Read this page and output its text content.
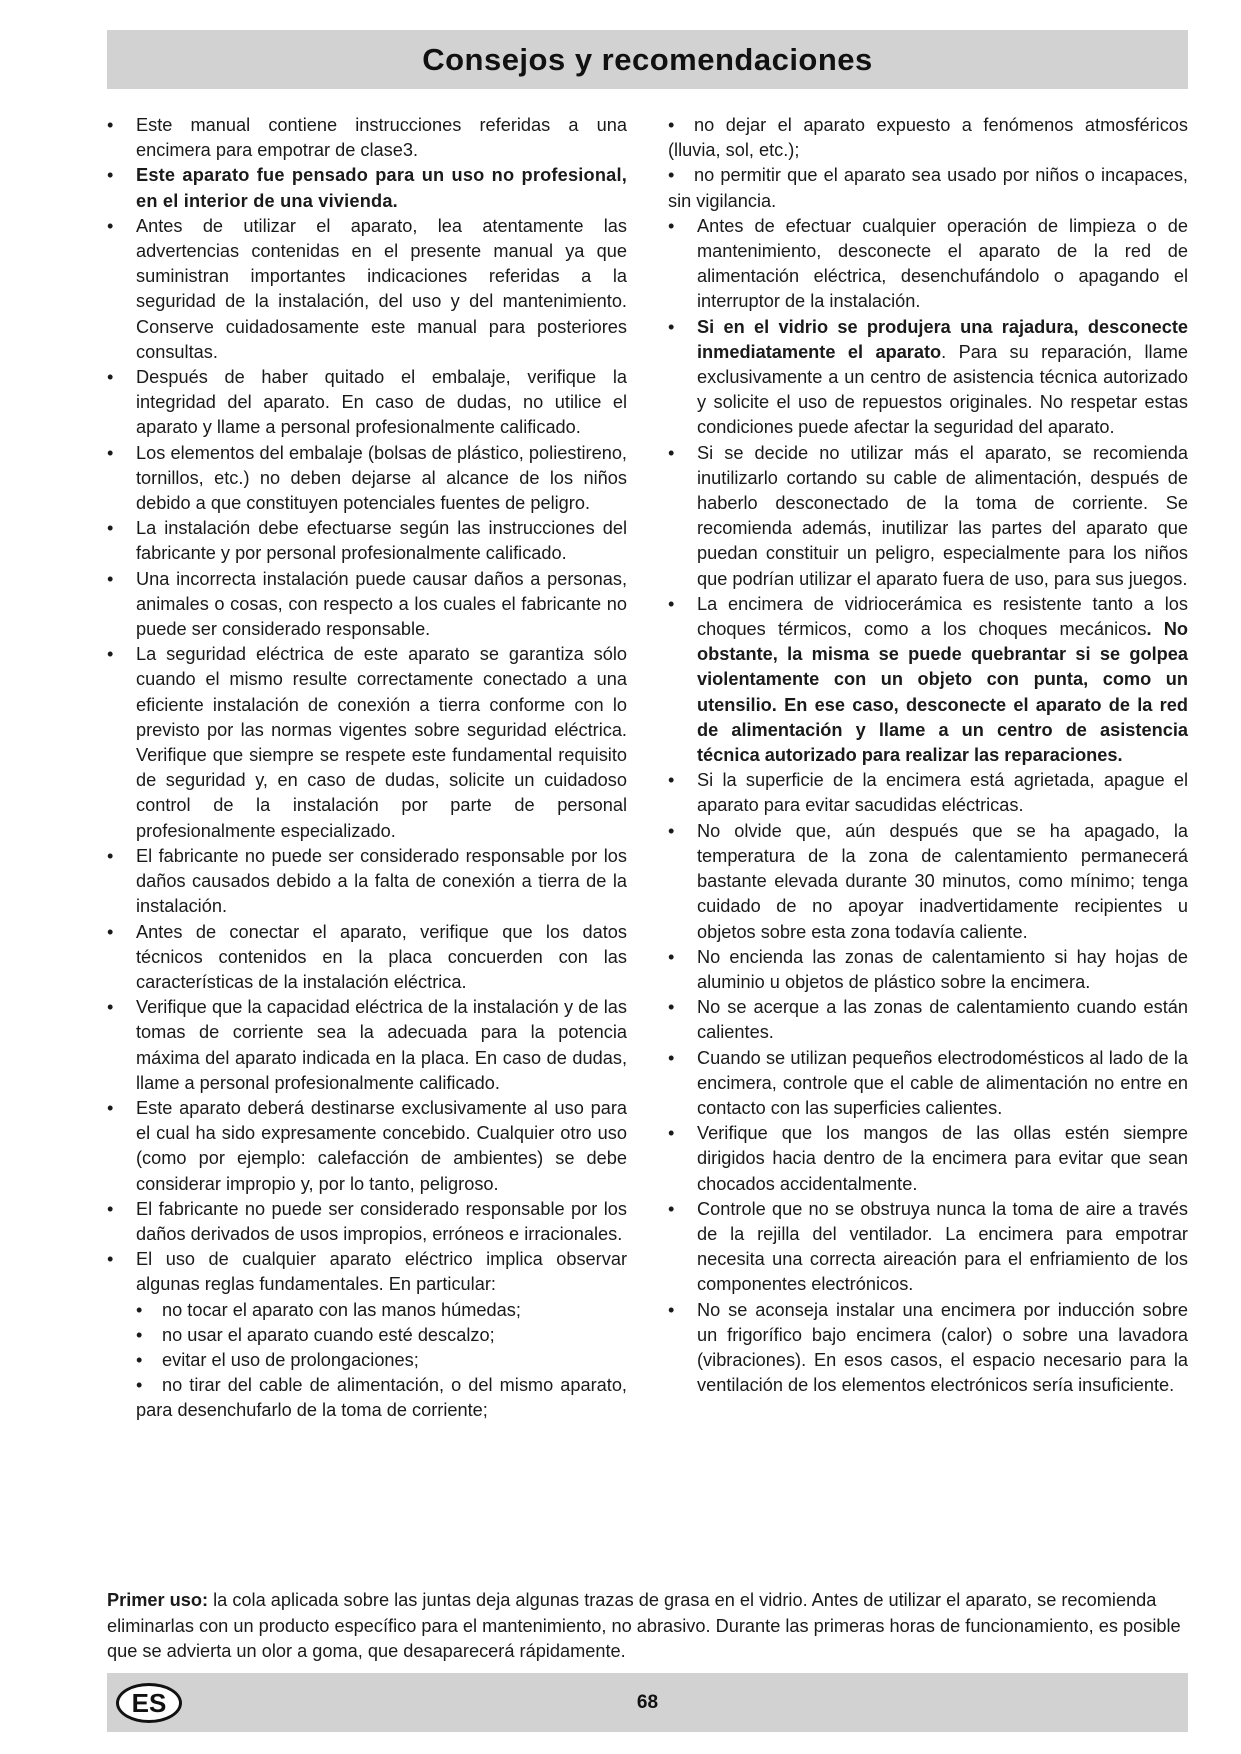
Consejos y recomendaciones
• Este manual contiene instrucciones referidas a una encimera para empotrar de clase3.
• Este aparato fue pensado para un uso no profesional, en el interior de una vivienda.
• Antes de utilizar el aparato, lea atentamente las advertencias contenidas en el presente manual ya que suministran importantes indicaciones referidas a la seguridad de la instalación, del uso y del mantenimiento. Conserve cuidadosamente este manual para posteriores consultas.
• Después de haber quitado el embalaje, verifique la integridad del aparato. En caso de dudas, no utilice el aparato y llame a personal profesionalmente calificado.
• Los elementos del embalaje (bolsas de plástico, poliestireno, tornillos, etc.) no deben dejarse al alcance de los niños debido a que constituyen potenciales fuentes de peligro.
• La instalación debe efectuarse según las instrucciones del fabricante y por personal profesionalmente calificado.
• Una incorrecta instalación puede causar daños a personas, animales o cosas, con respecto a los cuales el fabricante no puede ser considerado responsable.
• La seguridad eléctrica de este aparato se garantiza sólo cuando el mismo resulte correctamente conectado a una eficiente instalación de conexión a tierra conforme con lo previsto por las normas vigentes sobre seguridad eléctrica. Verifique que siempre se respete este fundamental requisito de seguridad y, en caso de dudas, solicite un cuidadoso control de la instalación por parte de personal profesionalmente especializado.
• El fabricante no puede ser considerado responsable por los daños causados debido a la falta de conexión a tierra de la instalación.
• Antes de conectar el aparato, verifique que los datos técnicos contenidos en la placa concuerden con las características de la instalación eléctrica.
• Verifique que la capacidad eléctrica de la instalación y de las tomas de corriente sea la adecuada para la potencia máxima del aparato indicada en la placa. En caso de dudas, llame a personal profesionalmente calificado.
• Este aparato deberá destinarse exclusivamente al uso para el cual ha sido expresamente concebido. Cualquier otro uso (como por ejemplo: calefacción de ambientes) se debe considerar impropio y, por lo tanto, peligroso.
• El fabricante no puede ser considerado responsable por los daños derivados de usos impropios, erróneos e irracionales.
• El uso de cualquier aparato eléctrico implica observar algunas reglas fundamentales. En particular:
•	no tocar el aparato con las manos húmedas;
•	no usar el aparato cuando esté descalzo;
•	evitar el uso de prolongaciones;
•	no tirar del cable de alimentación, o del mismo aparato, para desenchufarlo de la toma de corriente;
•	no dejar el aparato expuesto a fenómenos atmosféricos (lluvia, sol, etc.);
•	no permitir que el aparato sea usado por niños o incapaces, sin vigilancia.
• Antes de efectuar cualquier operación de limpieza o de mantenimiento, desconecte el aparato de la red de alimentación eléctrica, desenchufándolo o apagando el interruptor de la instalación.
• Si en el vidrio se produjera una rajadura, desconecte inmediatamente el aparato. Para su reparación, llame exclusivamente a un centro de asistencia técnica autorizado y solicite el uso de repuestos originales. No respetar estas condiciones puede afectar la seguridad del aparato.
• Si se decide no utilizar más el aparato, se recomienda inutilizarlo cortando su cable de alimentación, después de haberlo desconectado de la toma de corriente. Se recomienda además, inutilizar las partes del aparato que puedan constituir un peligro, especialmente para los niños que podrían utilizar el aparato fuera de uso, para sus juegos.
• La encimera de vidriocerámica es resistente tanto a los choques térmicos, como a los choques mecánicos. No obstante, la misma se puede quebrantar si se golpea violentamente con un objeto con punta, como un utensilio. En ese caso, desconecte el aparato de la red de alimentación y llame a un centro de asistencia técnica autorizado para realizar las reparaciones.
• Si la superficie de la encimera está agrietada, apague el aparato para evitar sacudidas eléctricas.
• No olvide que, aún después que se ha apagado, la temperatura de la zona de calentamiento permanecerá bastante elevada durante 30 minutos, como mínimo; tenga cuidado de no apoyar inadvertidamente recipientes u objetos sobre esta zona todavía caliente.
• No encienda las zonas de calentamiento si hay hojas de aluminio u objetos de plástico sobre la encimera.
• No se acerque a las zonas de calentamiento cuando están calientes.
• Cuando se utilizan pequeños electrodomésticos al lado de la encimera, controle que el cable de alimentación no entre en contacto con las superficies calientes.
• Verifique que los mangos de las ollas estén siempre dirigidos hacia dentro de la encimera para evitar que sean chocados accidentalmente.
• Controle que no se obstruya nunca la toma de aire a través de la rejilla del ventilador. La encimera para empotrar necesita una correcta aireación para el enfriamiento de los componentes electrónicos.
• No se aconseja instalar una encimera por inducción sobre un frigorífico bajo encimera (calor) o sobre una lavadora (vibraciones). En esos casos, el espacio necesario para la ventilación de los elementos electrónicos sería insuficiente.
Primer uso: la cola aplicada sobre las juntas deja algunas trazas de grasa en el vidrio. Antes de utilizar el aparato, se recomienda eliminarlas con un producto específico para el mantenimiento, no abrasivo. Durante las primeras horas de funcionamiento, es posible que se advierta un olor a goma, que desaparecerá rápidamente.
68
ES
